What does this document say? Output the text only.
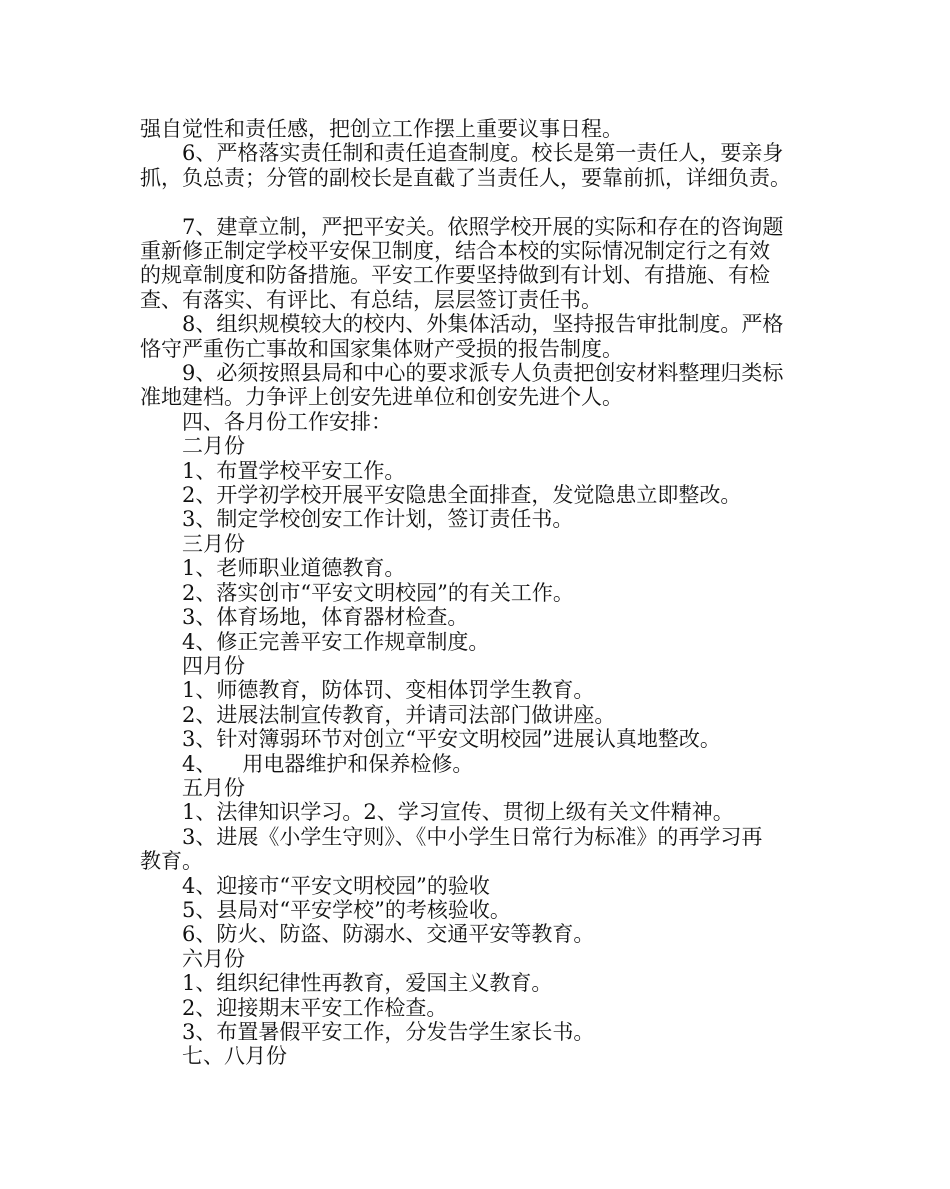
强自觉性和责任感，把创立工作摆上重要议事日程。
6、严格落实责任制和责任追查制度。校长是第一责任人，要亲身
抓，负总责；分管的副校长是直截了当责任人，要靠前抓，详细负责。
7、建章立制，严把平安关。依照学校开展的实际和存在的咨询题
重新修正制定学校平安保卫制度，结合本校的实际情况制定行之有效
的规章制度和防备措施。平安工作要坚持做到有计划、有措施、有检
查、有落实、有评比、有总结，层层签订责任书。
8、组织规模较大的校内、外集体活动，坚持报告审批制度。严格
恪守严重伤亡事故和国家集体财产受损的报告制度。
9、必须按照县局和中心的要求派专人负责把创安材料整理归类标
准地建档。力争评上创安先进单位和创安先进个人。
四、各月份工作安排：
二月份
1、布置学校平安工作。
2、开学初学校开展平安隐患全面排查，发觉隐患立即整改。
3、制定学校创安工作计划，签订责任书。
三月份
1、老师职业道德教育。
2、落实创市“平安文明校园”的有关工作。
3、体育场地，体育器材检查。
4、修正完善平安工作规章制度。
四月份
1、师德教育，防体罚、变相体罚学生教育。
2、进展法制宣传教育，并请司法部门做讲座。
3、针对簿弱环节对创立“平安文明校园”进展认真地整改。
4、 用电器维护和保养检修。
五月份
1、法律知识学习。2、学习宣传、贯彻上级有关文件精神。
3、进展《小学生守则》、《中小学生日常行为标准》的再学习再
教育。
4、迎接市“平安文明校园”的验收
5、县局对“平安学校”的考核验收。
6、防火、防盗、防溺水、交通平安等教育。
六月份
1、组织纪律性再教育，爱国主义教育。
2、迎接期末平安工作检查。
3、布置暑假平安工作，分发告学生家长书。
七、八月份
